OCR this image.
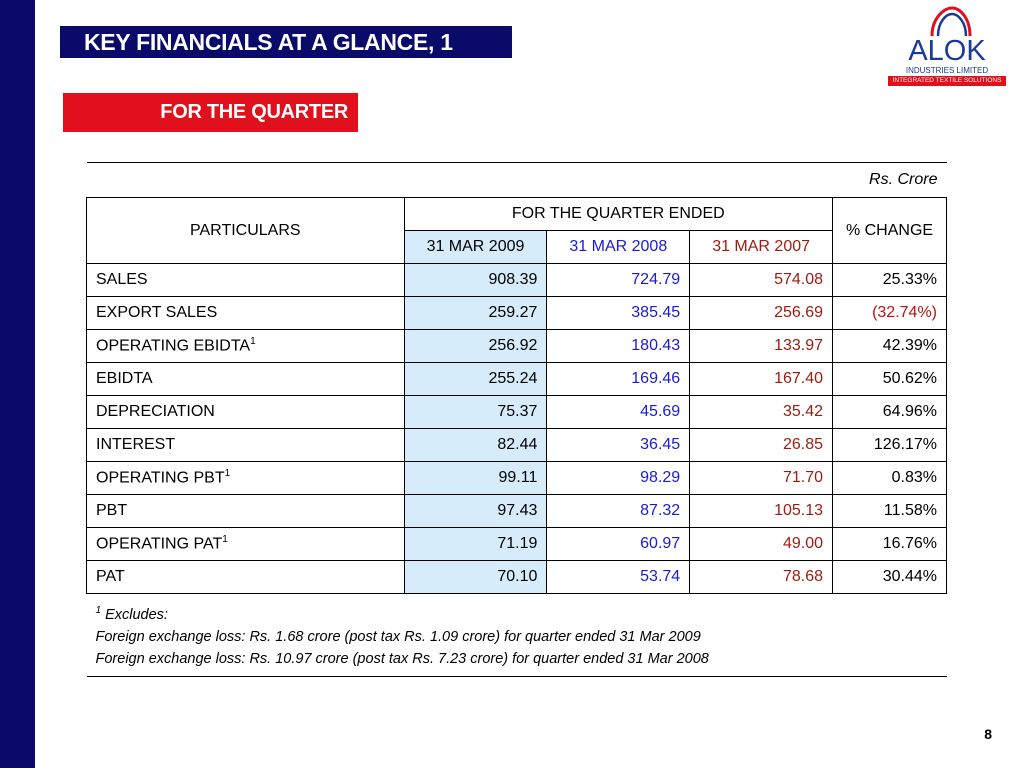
KEY FINANCIALS AT A GLANCE, 1
FOR THE QUARTER
ALOK
INDUSTRIES LIMITED
INTEGRATED TEXTILE SOLUTIONS
Rs. Crore				
PARTICULARS	FOR THE QUARTER ENDED			% CHANGE
	31 MAR 2009	31 MAR 2008	31 MAR 2007	
SALES	908.39	724.79	574.08	25.33%
EXPORT SALES	259.27	385.45	256.69	(32.74%)
OPERATING EBIDTA$^1$	256.92	180.43	133.97	42.39%
EBIDTA	255.24	169.46	167.40	50.62%
DEPRECIATION	75.37	45.69	35.42	64.96%
INTEREST	82.44	36.45	26.85	126.17%
OPERATING PBT$^1$	99.11	98.29	71.70	0.83%
PBT	97.43	87.32	105.13	11.58%
OPERATING PAT$^1$	71.19	60.97	49.00	16.76%
PAT	70.10	53.74	78.68	30.44%
$^1$ Excludes:
Foreign exchange loss: Rs. 1.68 crore (post tax Rs. 1.09 crore) for quarter ended 31 Mar 2009
Foreign exchange loss: Rs. 10.97 crore (post tax Rs. 7.23 crore) for quarter ended 31 Mar 2008				
8
